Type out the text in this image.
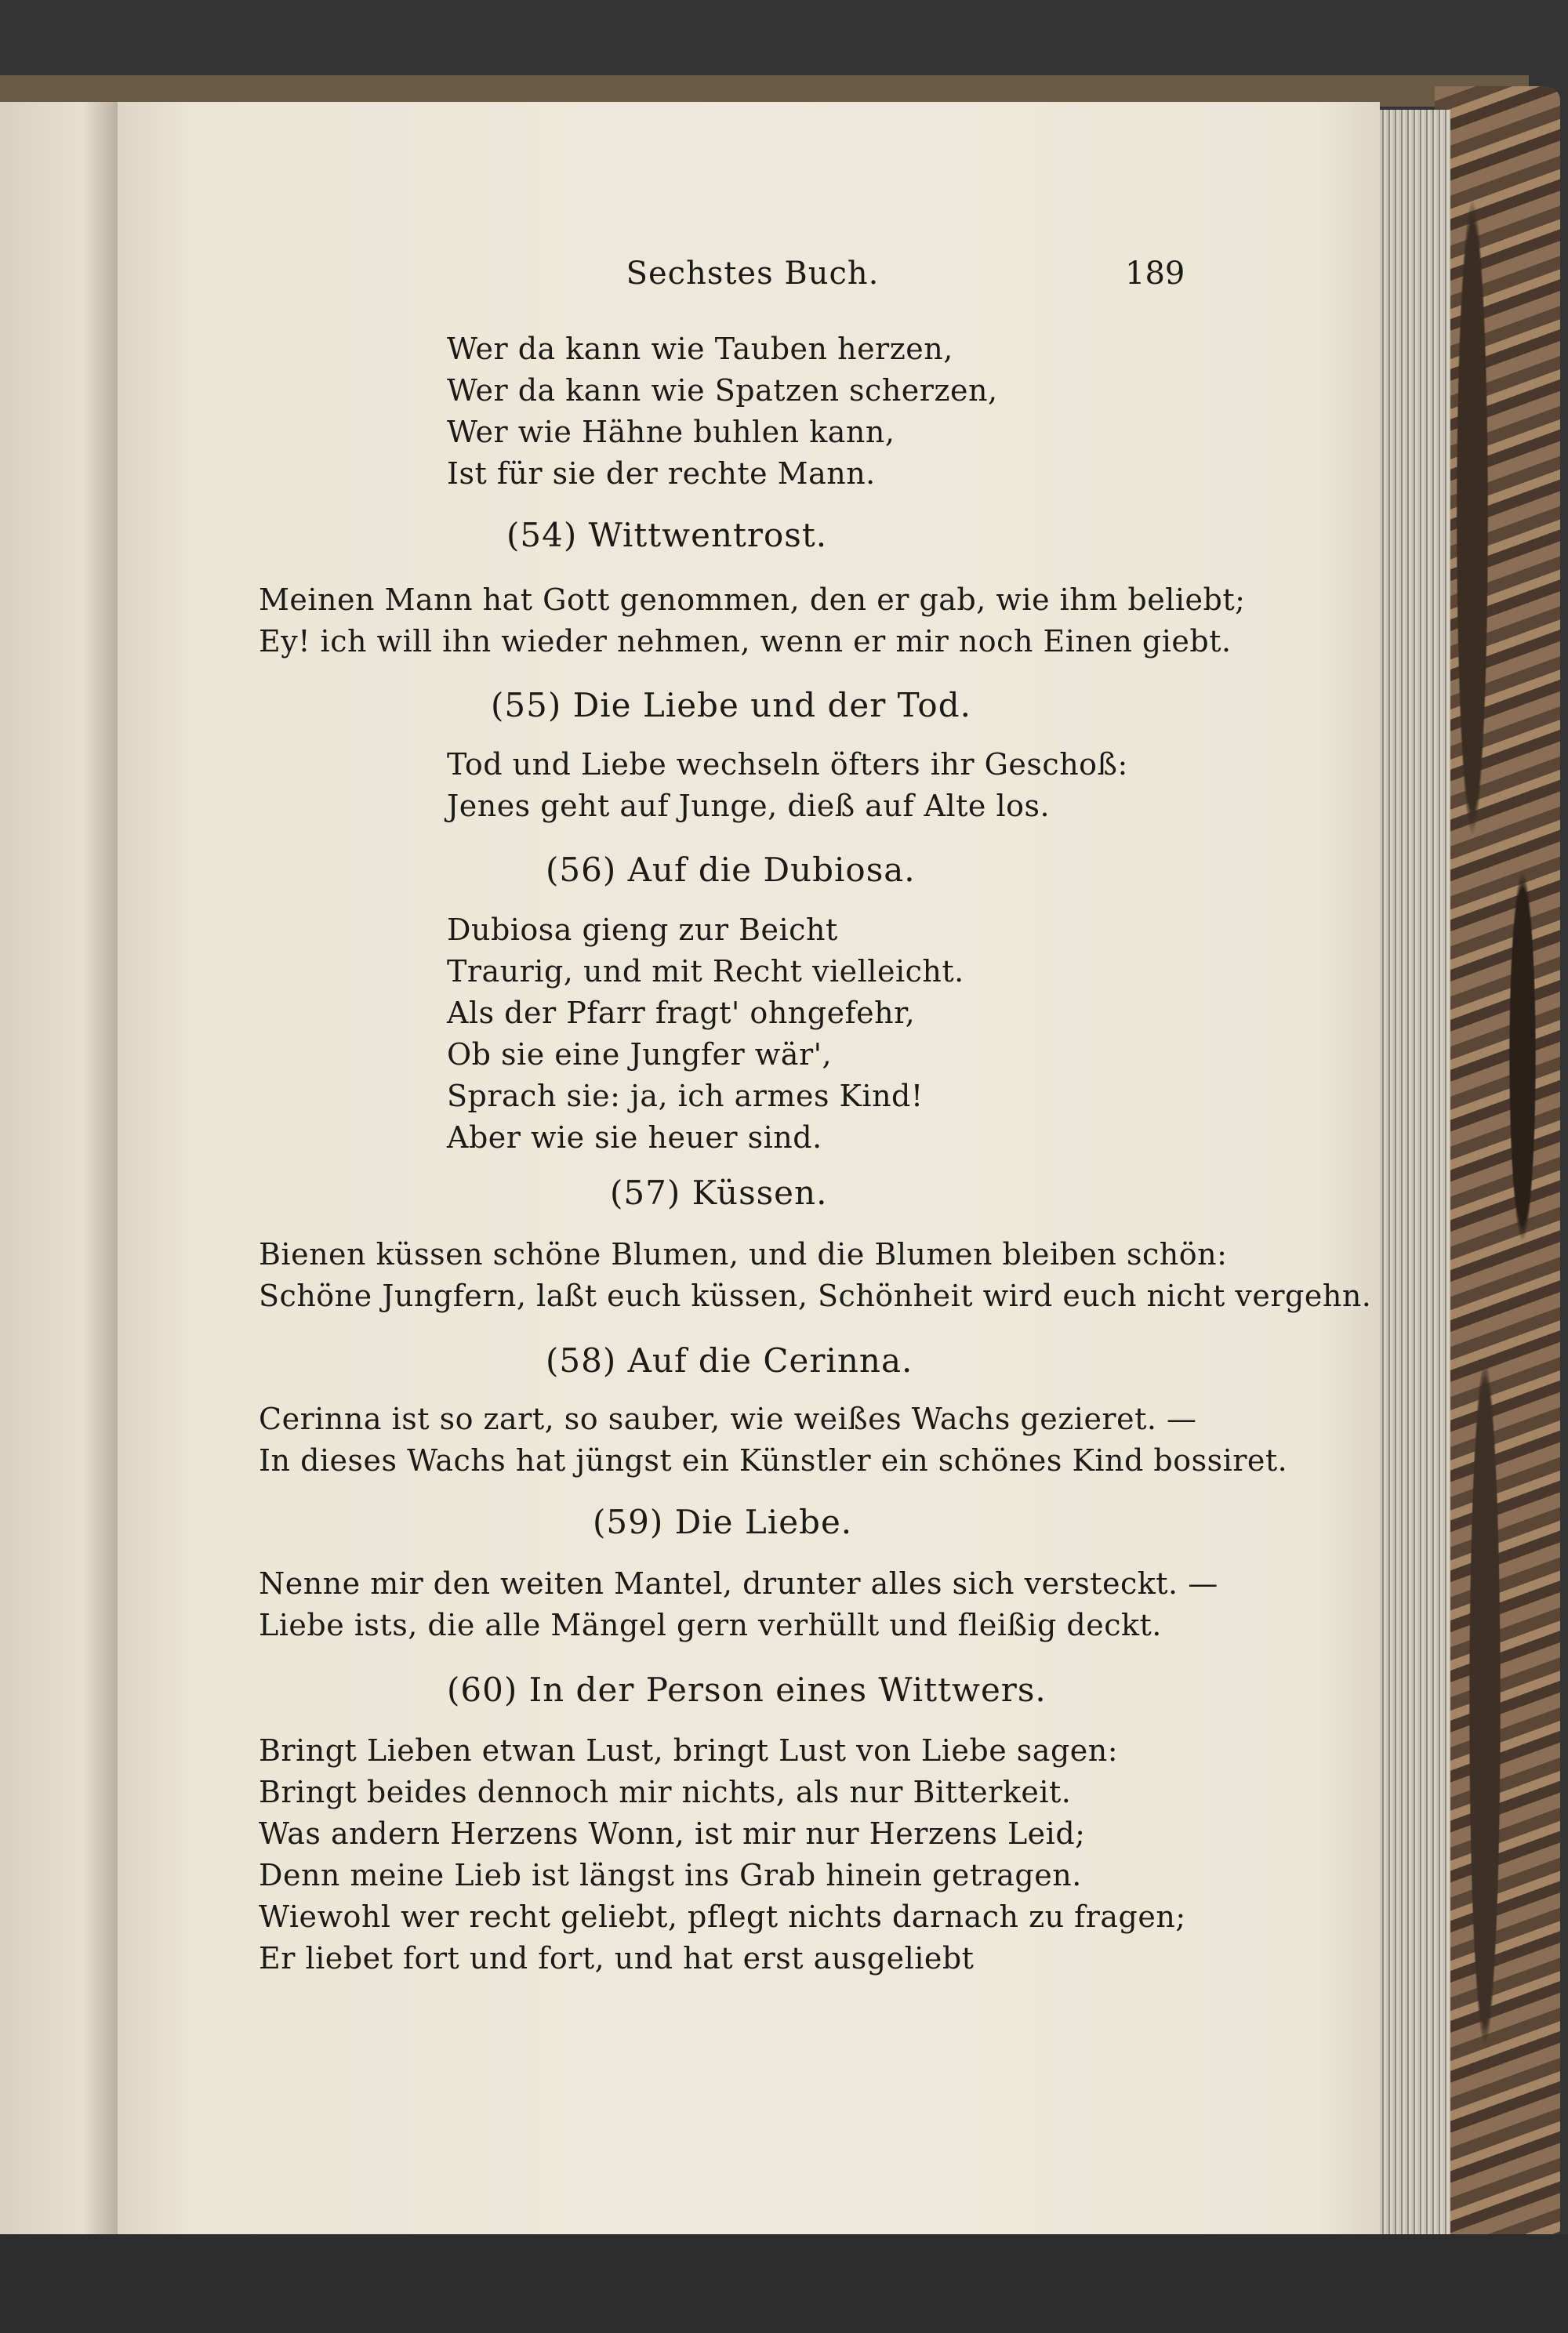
Sechstes Buch.	189
Wer da kann wie Tauben herzen,
Wer da kann wie Spatzen scherzen,
Wer wie Hähne buhlen kann,
Ist für sie der rechte Mann.
(54) Wittwentrost.
Meinen Mann hat Gott genommen, den er gab, wie ihm beliebt;
Ey! ich will ihn wieder nehmen, wenn er mir noch Einen giebt.
(55) Die Liebe und der Tod.
Tod und Liebe wechseln öfters ihr Geschoß:
Jenes geht auf Junge, dieß auf Alte los.
(56) Auf die Dubiosa.
Dubiosa gieng zur Beicht
Traurig, und mit Recht vielleicht.
Als der Pfarr fragt' ohngefehr,
Ob sie eine Jungfer wär',
Sprach sie: ja, ich armes Kind!
Aber wie sie heuer sind.
(57) Küssen.
Bienen küssen schöne Blumen, und die Blumen bleiben schön:
Schöne Jungfern, laßt euch küssen, Schönheit wird euch nicht vergehn.
(58) Auf die Cerinna.
Cerinna ist so zart, so sauber, wie weißes Wachs gezieret. —
In dieses Wachs hat jüngst ein Künstler ein schönes Kind bossiret.
(59) Die Liebe.
Nenne mir den weiten Mantel, drunter alles sich versteckt. —
Liebe ists, die alle Mängel gern verhüllt und fleißig deckt.
(60) In der Person eines Wittwers.
Bringt Lieben etwan Lust, bringt Lust von Liebe sagen:
Bringt beides dennoch mir nichts, als nur Bitterkeit.
Was andern Herzens Wonn, ist mir nur Herzens Leid;
Denn meine Lieb ist längst ins Grab hinein getragen.
Wiewohl wer recht geliebt, pflegt nichts darnach zu fragen;
Er liebet fort und fort, und hat erst ausgeliebt
